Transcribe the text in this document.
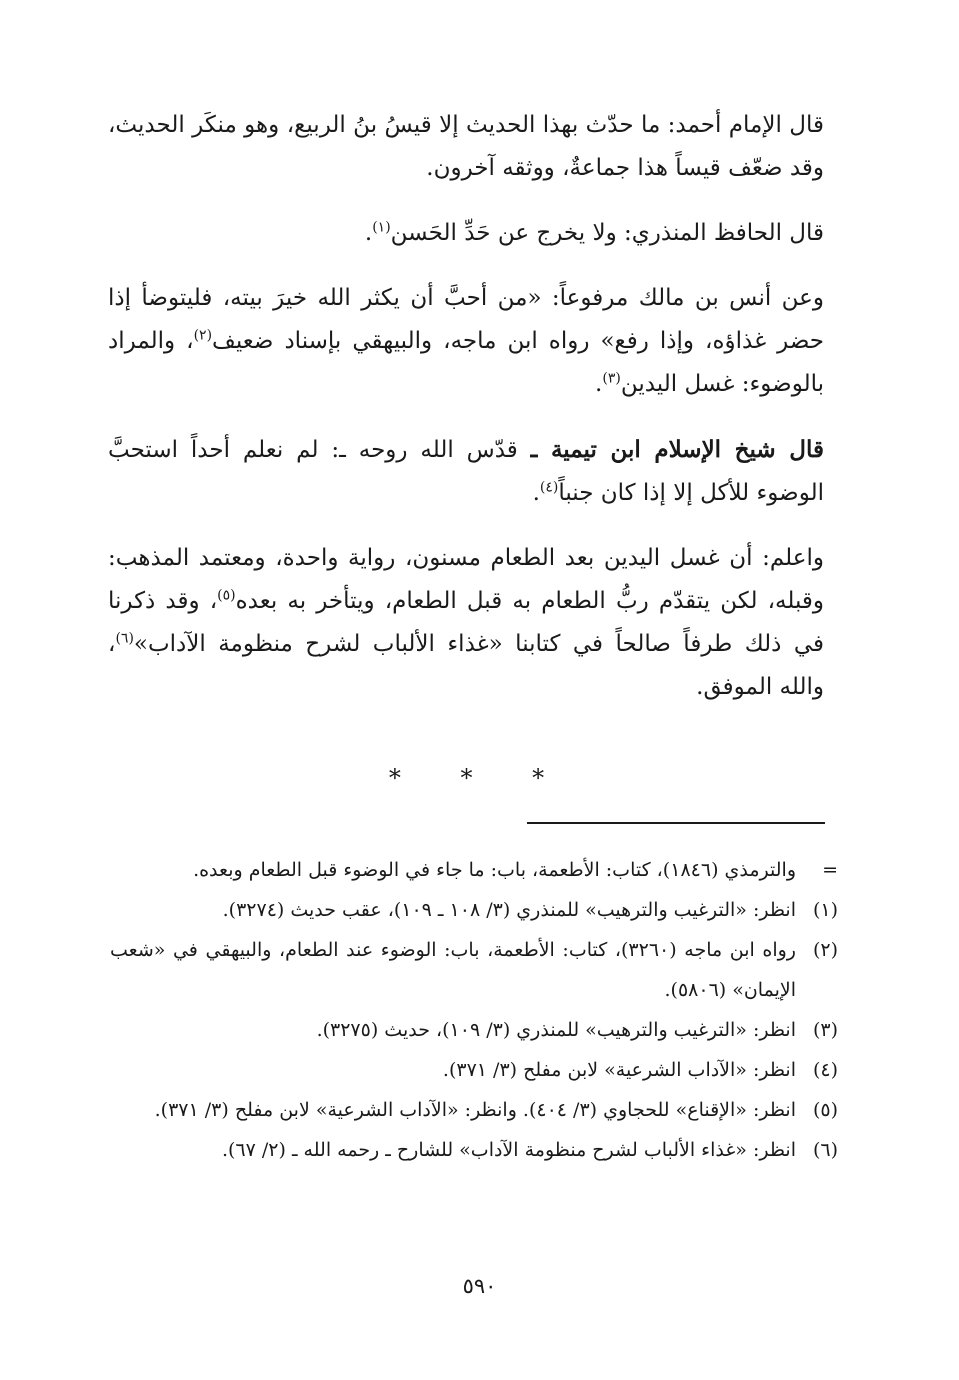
قال الإمام أحمد: ما حدّث بهذا الحديث إلا قيسُ بنُ الربيع، وهو منكَر الحديث، وقد ضعّف قيساً هذا جماعةٌ، ووثقه آخرون.

قال الحافظ المنذري: ولا يخرج عن حَدِّ الحَسن$^{(١)}$.

وعن أنس بن مالك مرفوعاً: «من أحبَّ أن يكثر الله خيرَ بيته، فليتوضأ إذا حضر غذاؤه، وإذا رفع» رواه ابن ماجه، والبيهقي بإسناد ضعيف$^{(٢)}$، والمراد بالوضوء: غسل اليدين$^{(٣)}$.

قال شيخ الإسلام ابن تيمية ـ قدّس الله روحه ـ: لم نعلم أحداً استحبَّ الوضوء للأكل إلا إذا كان جنباً$^{(٤)}$.

واعلم: أن غسل اليدين بعد الطعام مسنون، رواية واحدة، ومعتمد المذهب: وقبله، لكن يتقدّم ربُّ الطعام به قبل الطعام، ويتأخر به بعده$^{(٥)}$، وقد ذكرنا في ذلك طرفاً صالحاً في كتابنا «غذاء الألباب لشرح منظومة الآداب»$^{(٦)}$، والله الموفق.

* * *
=
والترمذي (١٨٤٦)، كتاب: الأطعمة، باب: ما جاء في الوضوء قبل الطعام وبعده.
(١)
انظر: «الترغيب والترهيب» للمنذري (٣/ ١٠٨ ـ ١٠٩)، عقب حديث (٣٢٧٤).
(٢)
رواه ابن ماجه (٣٢٦٠)، كتاب: الأطعمة، باب: الوضوء عند الطعام، والبيهقي في «شعب الإيمان» (٥٨٠٦).
(٣)
انظر: «الترغيب والترهيب» للمنذري (٣/ ١٠٩)، حديث (٣٢٧٥).
(٤)
انظر: «الآداب الشرعية» لابن مفلح (٣/ ٣٧١).
(٥)
انظر: «الإقناع» للحجاوي (٣/ ٤٠٤). وانظر: «الآداب الشرعية» لابن مفلح (٣/ ٣٧١).
(٦)
انظر: «غذاء الألباب لشرح منظومة الآداب» للشارح ـ رحمه الله ـ (٢/ ٦٧).
٥٩٠
